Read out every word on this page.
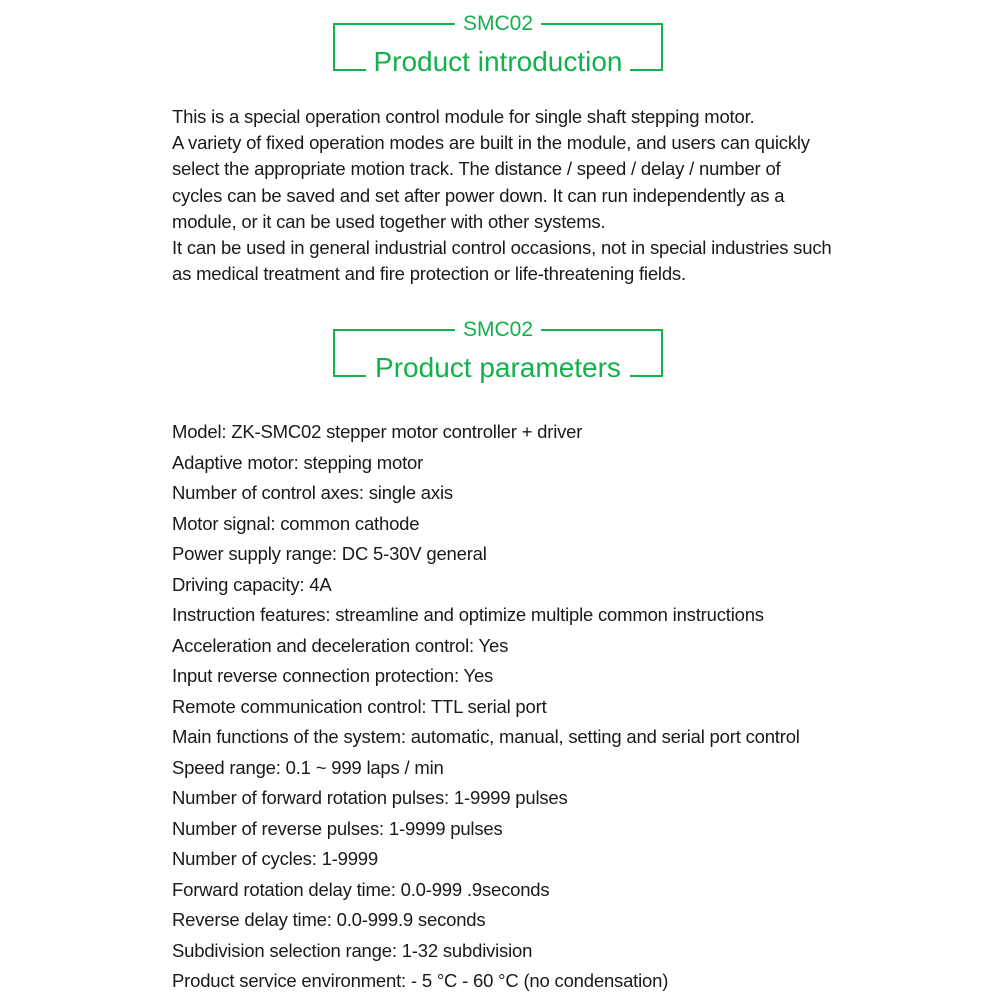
SMC02
Product introduction

This is a special operation control module for single shaft stepping motor.

A variety of fixed operation modes are built in the module, and users can quickly select the appropriate motion track. The distance / speed / delay / number of cycles can be saved and set after power down. It can run independently as a module, or it can be used together with other systems.

It can be used in general industrial control occasions, not in special industries such as medical treatment and fire protection or life-threatening fields.

SMC02
Product parameters
Model: ZK-SMC02 stepper motor controller + driver
Adaptive motor: stepping motor
Number of control axes: single axis
Motor signal: common cathode
Power supply range: DC 5-30V general
Driving capacity: 4A
Instruction features: streamline and optimize multiple common instructions
Acceleration and deceleration control: Yes
Input reverse connection protection: Yes
Remote communication control: TTL serial port
Main functions of the system: automatic, manual, setting and serial port control
Speed range: 0.1 ~ 999 laps / min
Number of forward rotation pulses: 1-9999 pulses
Number of reverse pulses: 1-9999 pulses
Number of cycles: 1-9999
Forward rotation delay time: 0.0-999 .9seconds
Reverse delay time: 0.0-999.9 seconds
Subdivision selection range: 1-32 subdivision
Product service environment: - 5 °C - 60 °C (no condensation)
